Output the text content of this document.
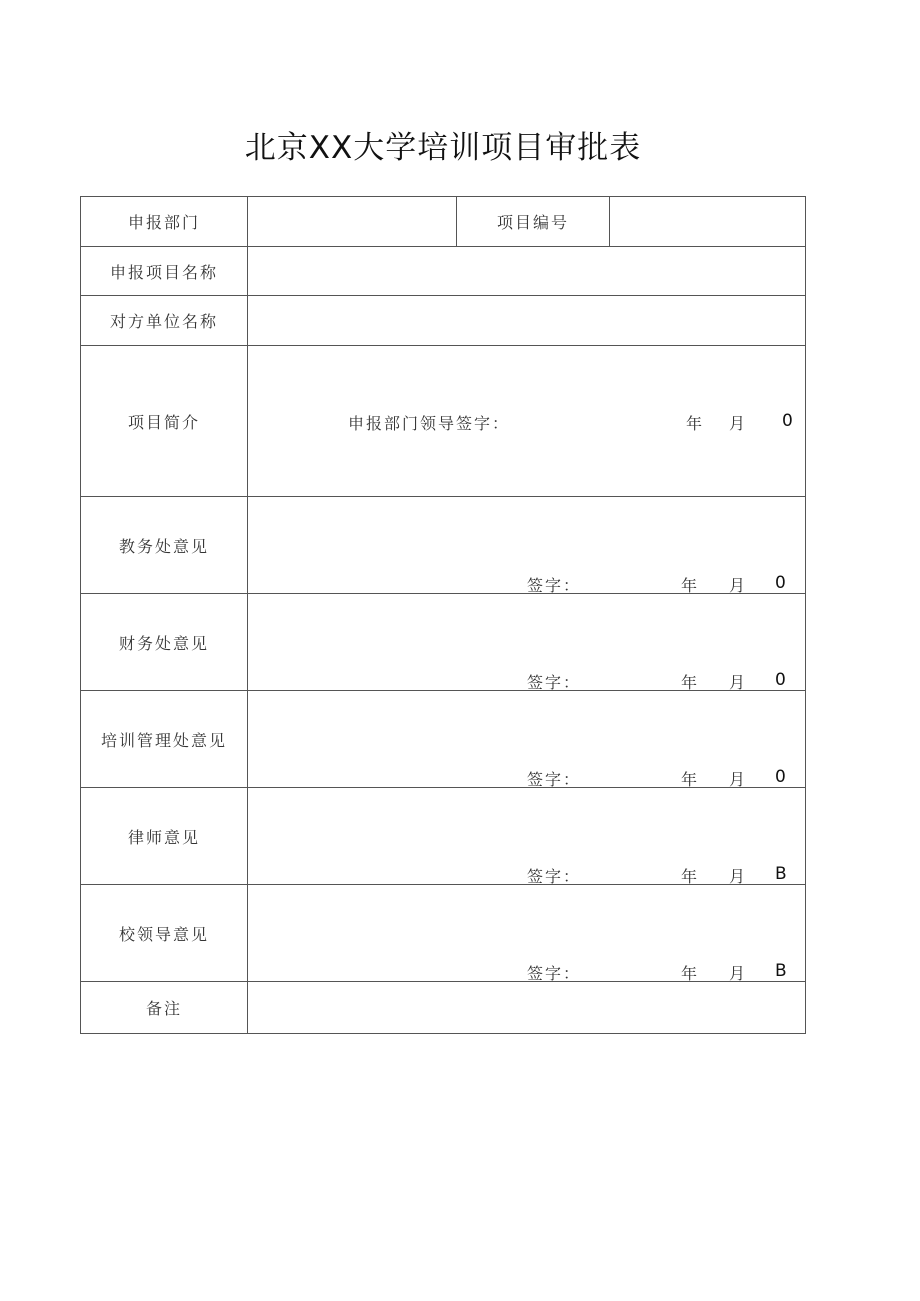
北京XX大学培训项目审批表
申报部门		项目编号	
申报项目名称			
对方单位名称			
项目简介	申报部门领导签字： 年 月 0		

教务处意见	签字： 年 月 0		

财务处意见	签字： 年 月 0		

培训管理处意见	签字： 年 月 0		

律师意见	签字： 年 月 B		

校领导意见	签字： 年 月 B		

备注			
